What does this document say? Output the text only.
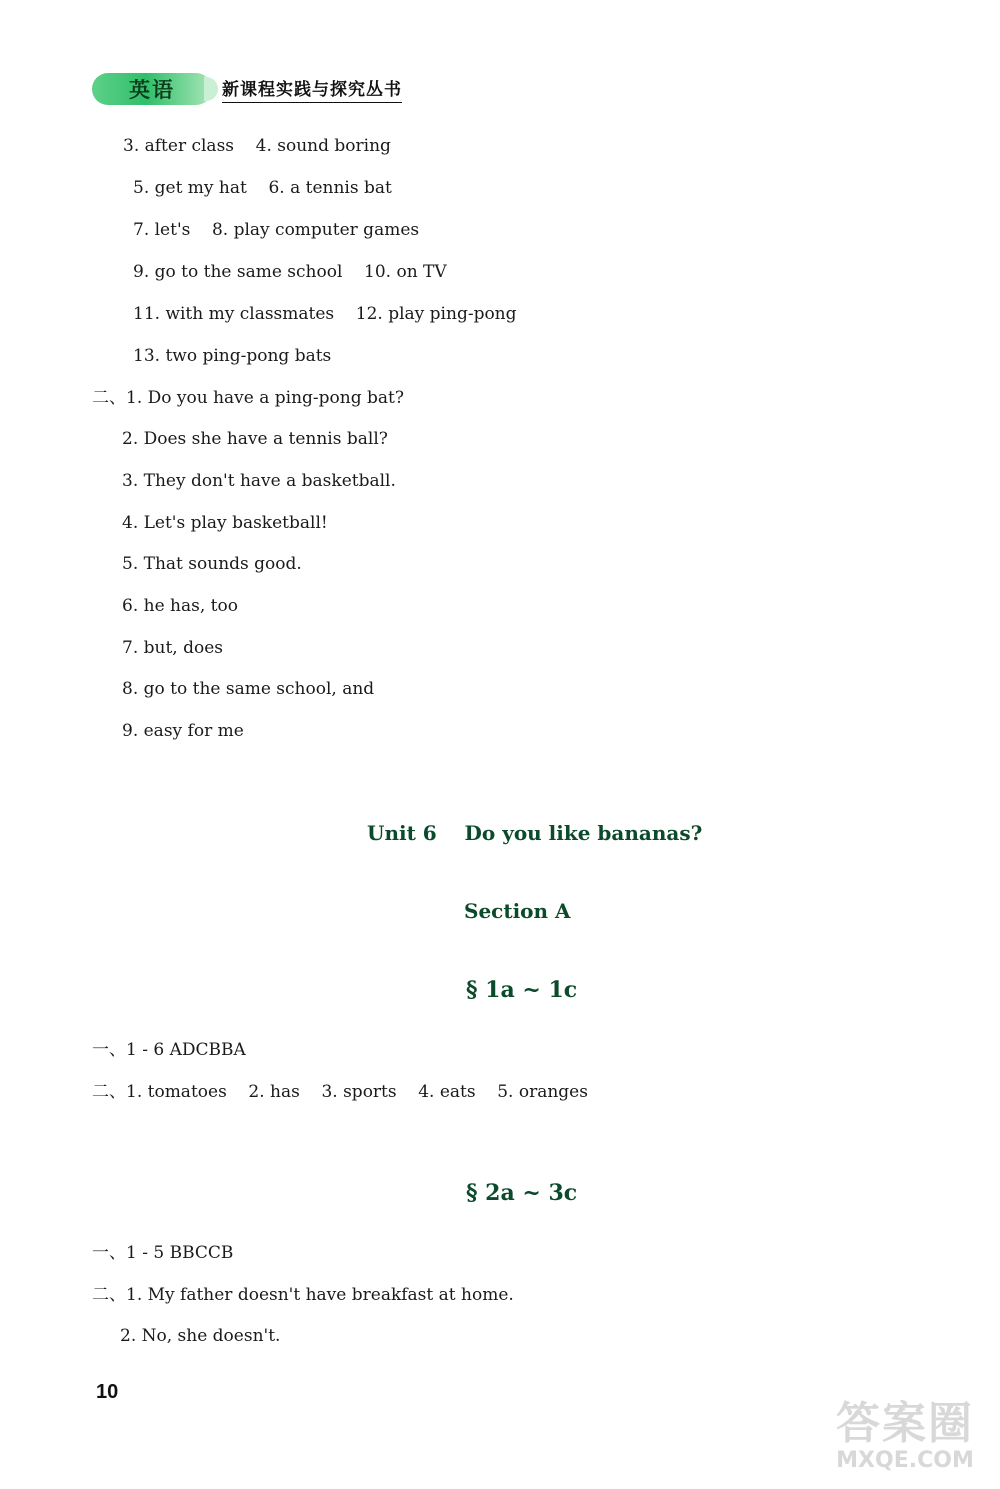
英语	新课程实践与探究丛书
3. after class    4. sound boring
5. get my hat    6. a tennis bat
7. let's    8. play computer games
9. go to the same school    10. on TV
11. with my classmates    12. play ping-pong
13. two ping-pong bats
二、1. Do you have a ping-pong bat?
2. Does she have a tennis ball?
3. They don't have a basketball.
4. Let's play basketball!
5. That sounds good.
6. he has, too
7. but, does
8. go to the same school, and
9. easy for me
Unit 6    Do you like bananas?
Section A
§ 1a ~ 1c
一、1 - 6 ADCBBA
二、1. tomatoes    2. has    3. sports    4. eats    5. oranges
§ 2a ~ 3c
一、1 - 5 BBCCB
二、1. My father doesn't have breakfast at home.
2. No, she doesn't.
10
答案圈
MXQE.COM
